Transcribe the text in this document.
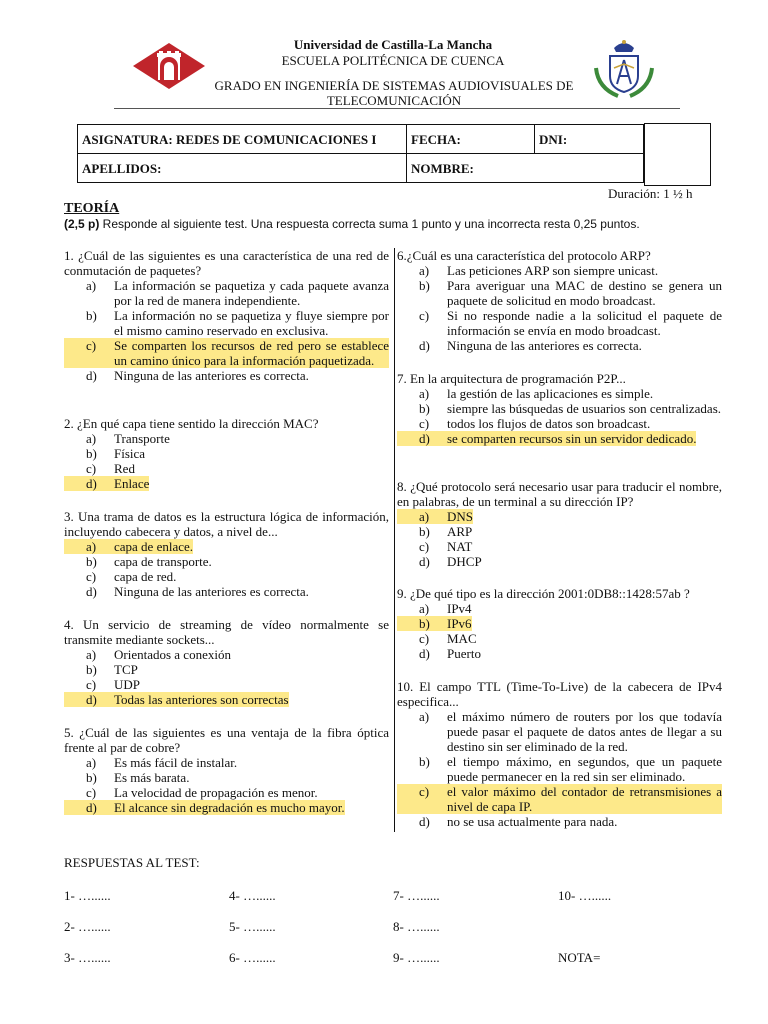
Universidad de Castilla-La Mancha
ESCUELA POLITÉCNICA DE CUENCA
GRADO EN INGENIERÍA DE SISTEMAS AUDIOVISUALES DE
TELECOMUNICACIÓN
ASIGNATURA: REDES DE COMUNICACIONES I	FECHA:	DNI:
APELLIDOS:	NOMBRE:	
Duración: 1 ½ h
TEORÍA
(2,5 p) Responde al siguiente test. Una respuesta correcta suma 1 punto y una incorrecta resta 0,25 puntos.
1. ¿Cuál de las siguientes es una característica de una red de conmutación de paquetes?
a)	La información se paquetiza y cada paquete avanza por la red de manera independiente.
b)	La información no se paquetiza y fluye siempre por el mismo camino reservado en exclusiva.
c)	Se comparten los recursos de red pero se establece un camino único para la información paquetizada.
d)	Ninguna de las anteriores es correcta.
2. ¿En qué capa tiene sentido la dirección MAC?
a)	Transporte
b)	Física
c)	Red
d)	Enlace
3. Una trama de datos es la estructura lógica de información, incluyendo cabecera y datos, a nivel de...
a)	capa de enlace.
b)	capa de transporte.
c)	capa de red.
d)	Ninguna de las anteriores es correcta.
4. Un servicio de streaming de vídeo normalmente se transmite mediante sockets...
a)	Orientados a conexión
b)	TCP
c)	UDP
d)	Todas las anteriores son correctas
5. ¿Cuál de las siguientes es una ventaja de la fibra óptica frente al par de cobre?
a)	Es más fácil de instalar.
b)	Es más barata.
c)	La velocidad de propagación es menor.
d)	El alcance sin degradación es mucho mayor.
6.¿Cuál es una característica del protocolo ARP?
a)	Las peticiones ARP son siempre unicast.
b)	Para averiguar una MAC de destino se genera un paquete de solicitud en modo broadcast.
c)	Si no responde nadie a la solicitud el paquete de información se envía en modo broadcast.
d)	Ninguna de las anteriores es correcta.
7. En la arquitectura de programación P2P...
a)	la gestión de las aplicaciones es simple.
b)	siempre las búsquedas de usuarios son centralizadas.
c)	todos los flujos de datos son broadcast.
d)	se comparten recursos sin un servidor dedicado.
8. ¿Qué protocolo será necesario usar para traducir el nombre, en palabras, de un terminal a su dirección IP?
a)	DNS
b)	ARP
c)	NAT
d)	DHCP
9. ¿De qué tipo es la dirección 2001:0DB8::1428:57ab ?
a)	IPv4
b)	IPv6
c)	MAC
d)	Puerto
10. El campo TTL (Time-To-Live) de la cabecera de IPv4 especifica...
a)	el máximo número de routers por los que todavía puede pasar el paquete de datos antes de llegar a su destino sin ser eliminado de la red.
b)	el tiempo máximo, en segundos, que un paquete puede permanecer en la red sin ser eliminado.
c)	el valor máximo del contador de retransmisiones a nivel de capa IP.
d)	no se usa actualmente para nada.
RESPUESTAS AL TEST:
1- …......	4- …......	7- …......	10- …......
2- …......	5- …......	8- …......
3- …......	6- …......	9- …......	NOTA=
